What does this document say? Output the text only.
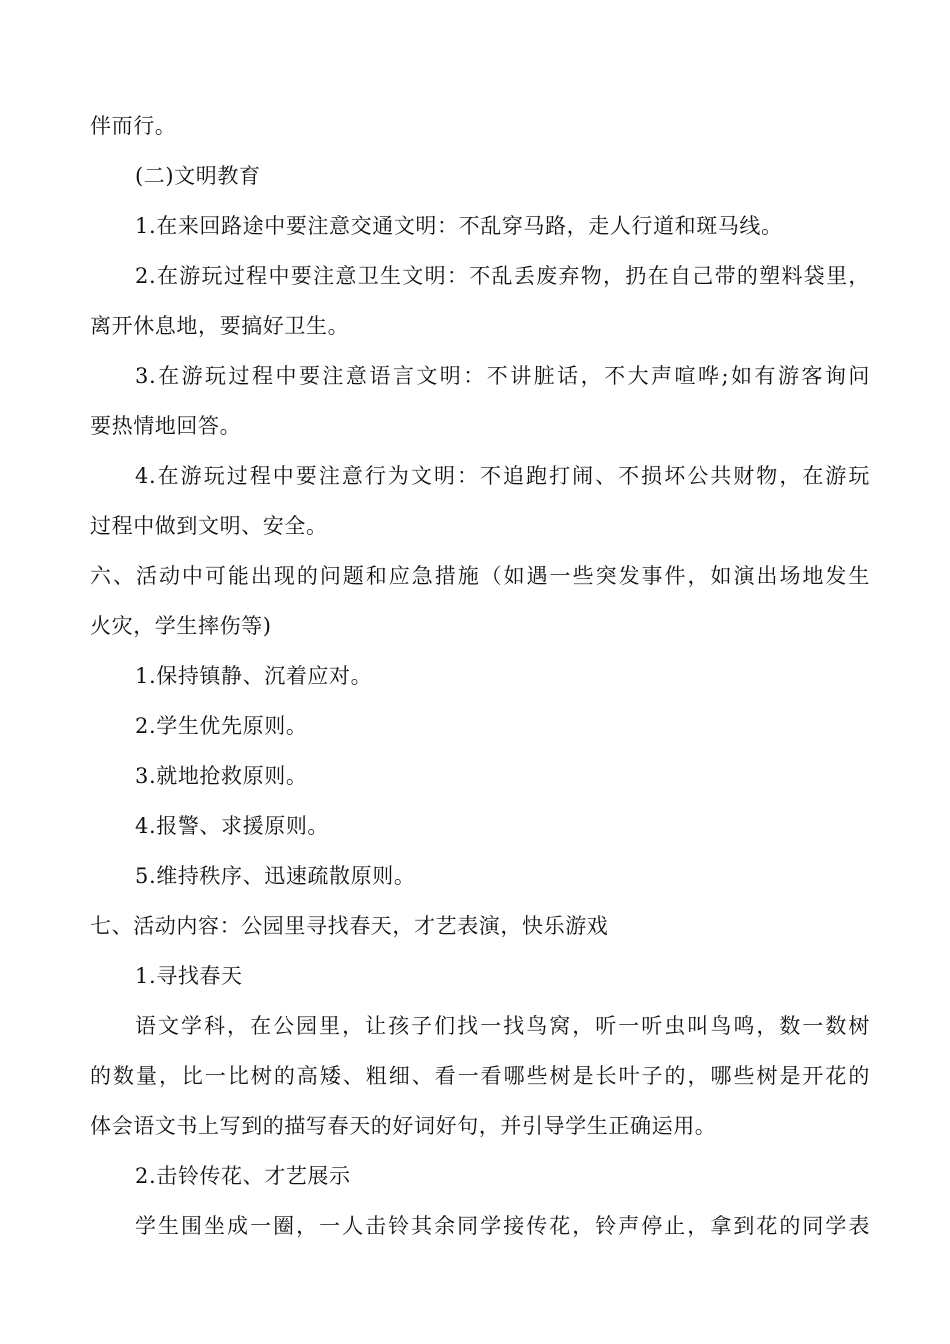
伴而行。
(二)文明教育
1.在来回路途中要注意交通文明：不乱穿马路，走人行道和斑马线。
2.在游玩过程中要注意卫生文明：不乱丢废弃物，扔在自己带的塑料袋里，
离开休息地，要搞好卫生。
3.在游玩过程中要注意语言文明：不讲脏话，不大声喧哗;如有游客询问
要热情地回答。
4.在游玩过程中要注意行为文明：不追跑打闹、不损坏公共财物，在游玩
过程中做到文明、安全。
六、活动中可能出现的问题和应急措施（如遇一些突发事件，如演出场地发生
火灾，学生摔伤等)
1.保持镇静、沉着应对。
2.学生优先原则。
3.就地抢救原则。
4.报警、求援原则。
5.维持秩序、迅速疏散原则。
七、活动内容：公园里寻找春天，才艺表演，快乐游戏
1.寻找春天
语文学科，在公园里，让孩子们找一找鸟窝，听一听虫叫鸟鸣，数一数树
的数量，比一比树的高矮、粗细、看一看哪些树是长叶子的，哪些树是开花的
体会语文书上写到的描写春天的好词好句，并引导学生正确运用。
2.击铃传花、才艺展示
学生围坐成一圈，一人击铃其余同学接传花，铃声停止，拿到花的同学表
